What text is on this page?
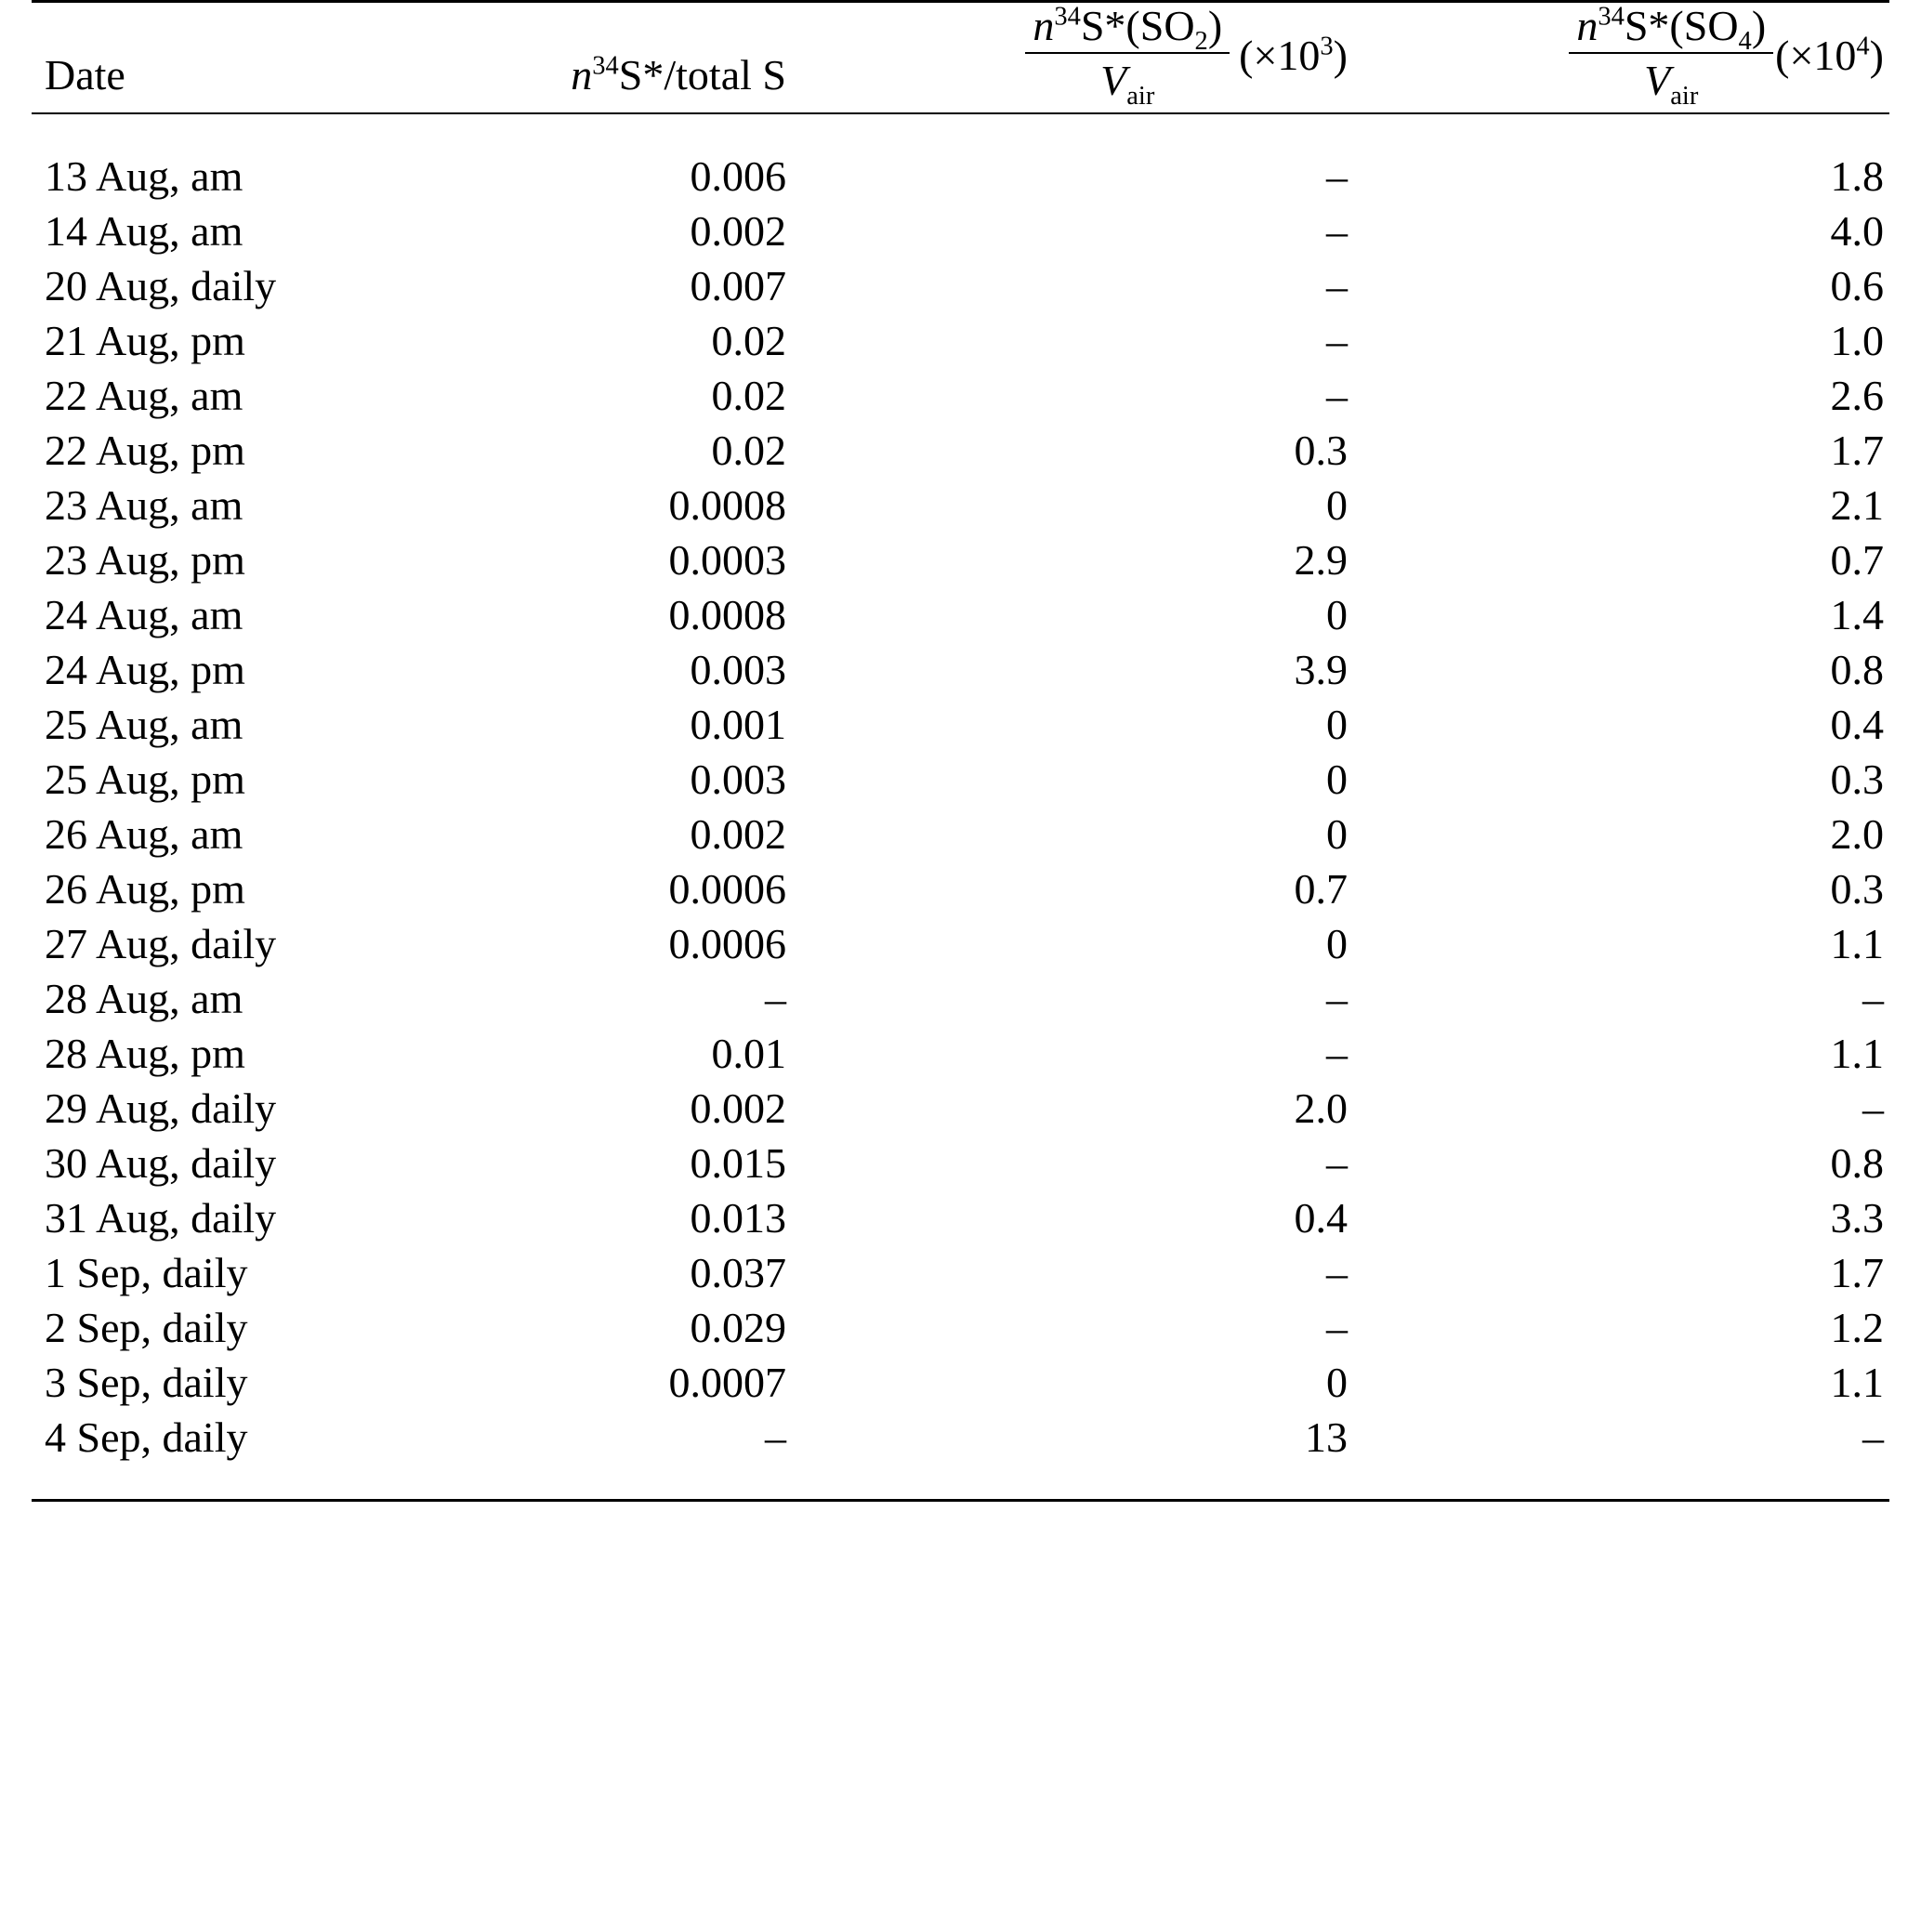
Date	$n^{34}S*$/total S	$\frac{n^{34}S*(SO_2)}{V_{air}} (\times 10^3)$	$\frac{n^{34}S*(SO_4)}{V_{air}} (\times 10^4)$

13 Aug, am	0.006	–	1.8
14 Aug, am	0.002	–	4.0
20 Aug, daily	0.007	–	0.6
21 Aug, pm	0.02	–	1.0
22 Aug, am	0.02	–	2.6
22 Aug, pm	0.02	0.3	1.7
23 Aug, am	0.0008	0	2.1
23 Aug, pm	0.0003	2.9	0.7
24 Aug, am	0.0008	0	1.4
24 Aug, pm	0.003	3.9	0.8
25 Aug, am	0.001	0	0.4
25 Aug, pm	0.003	0	0.3
26 Aug, am	0.002	0	2.0
26 Aug, pm	0.0006	0.7	0.3
27 Aug, daily	0.0006	0	1.1
28 Aug, am	–	–	–
28 Aug, pm	0.01	–	1.1
29 Aug, daily	0.002	2.0	–
30 Aug, daily	0.015	–	0.8
31 Aug, daily	0.013	0.4	3.3
1 Sep, daily	0.037	–	1.7
2 Sep, daily	0.029	–	1.2
3 Sep, daily	0.0007	0	1.1
4 Sep, daily	–	13	–
